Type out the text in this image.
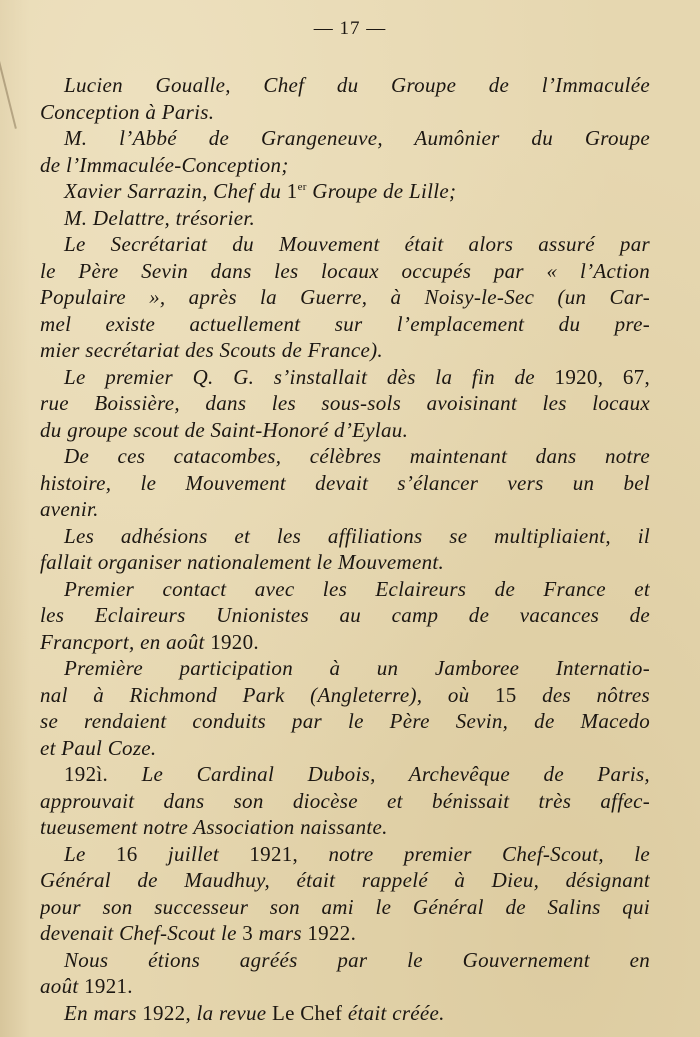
— 17 —
Lucien Goualle, Chef du Groupe de l’Immaculée
Conception à Paris.
M. l’Abbé de Grangeneuve, Aumônier du Groupe
de l’Immaculée-Conception;
Xavier Sarrazin, Chef du 1er Groupe de Lille;
M. Delattre, trésorier.
Le Secrétariat du Mouvement était alors assuré par
le Père Sevin dans les locaux occupés par « l’Action
Populaire », après la Guerre, à Noisy-le-Sec (un Car-
mel existe actuellement sur l’emplacement du pre-
mier secrétariat des Scouts de France).
Le premier Q. G. s’installait dès la fin de 1920, 67,
rue Boissière, dans les sous-sols avoisinant les locaux
du groupe scout de Saint-Honoré d’Eylau.
De ces catacombes, célèbres maintenant dans notre
histoire, le Mouvement devait s’élancer vers un bel
avenir.
Les adhésions et les affiliations se multipliaient, il
fallait organiser nationalement le Mouvement.
Premier contact avec les Eclaireurs de France et
les Eclaireurs Unionistes au camp de vacances de
Francport, en août 1920.
Première participation à un Jamboree Internatio-
nal à Richmond Park (Angleterre), où 15 des nôtres
se rendaient conduits par le Père Sevin, de Macedo
et Paul Coze.
192ì. Le Cardinal Dubois, Archevêque de Paris,
approuvait dans son diocèse et bénissait très affec-
tueusement notre Association naissante.
Le 16 juillet 1921, notre premier Chef-Scout, le
Général de Maudhuy, était rappelé à Dieu, désignant
pour son successeur son ami le Général de Salins qui
devenait Chef-Scout le 3 mars 1922.
Nous étions agréés par le Gouvernement en
août 1921.
En mars 1922, la revue Le Chef était créée.
